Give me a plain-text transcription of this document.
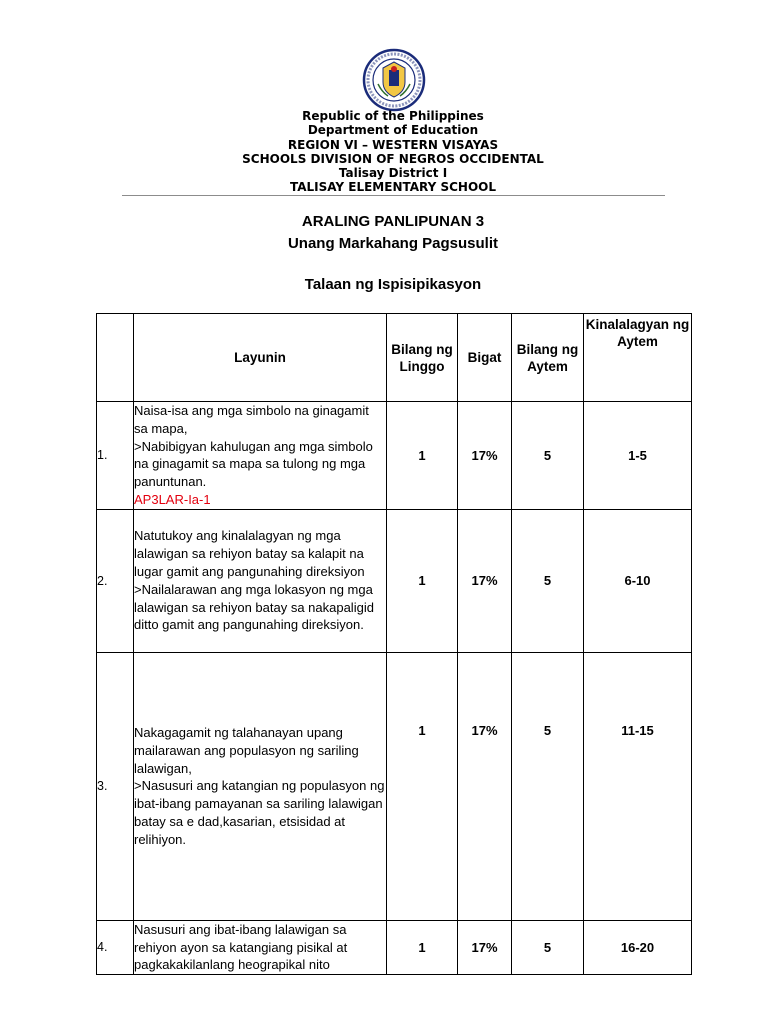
Republic of the Philippines
Department of Education
REGION VI – WESTERN VISAYAS
SCHOOLS DIVISION OF NEGROS OCCIDENTAL
Talisay District I
TALISAY ELEMENTARY SCHOOL
ARALING PANLIPUNAN 3
Unang Markahang Pagsusulit
Talaan ng Ispisipikasyon
	Layunin	Bilang ng Linggo	Bigat	Bilang ng Aytem	Kinalalagyan ng Aytem
1.	Naisa-isa ang mga simbolo na ginagamit sa mapa,
>Nabibigyan kahulugan ang mga simbolo na ginagamit sa mapa sa tulong ng mga panuntunan.
AP3LAR-Ia-1	1	17%	5	1-5
2.	Natutukoy ang kinalalagyan ng mga lalawigan sa rehiyon batay sa kalapit na lugar gamit ang pangunahing direksiyon
>Nailalarawan ang mga lokasyon ng mga lalawigan sa rehiyon batay sa nakapaligid ditto gamit ang pangunahing direksiyon.	1	17%	5	6-10
3.	Nakagagamit ng talahanayan upang mailarawan ang populasyon ng sariling lalawigan,
>Nasusuri ang katangian ng populasyon ng ibat-ibang pamayanan sa sariling lalawigan batay sa e dad,kasarian, etsisidad at relihiyon.	1	17%	5	11-15
4.	Nasusuri ang ibat-ibang lalawigan sa rehiyon ayon sa katangiang pisikal at pagkakakilanlang heograpikal nito	1	17%	5	16-20
